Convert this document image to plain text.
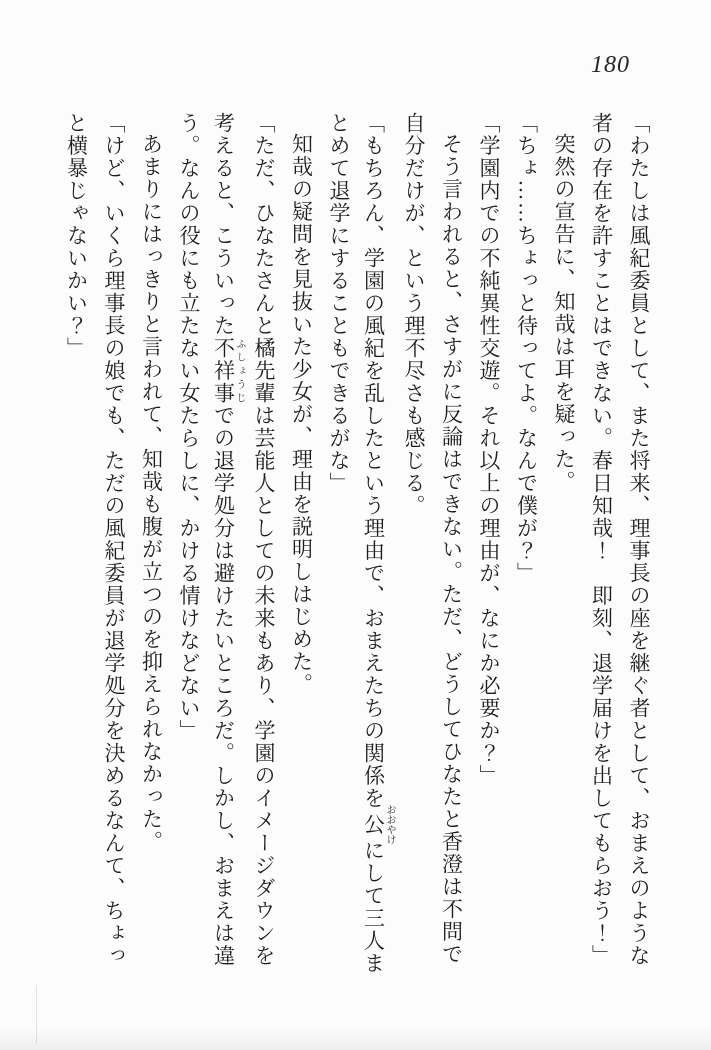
180

「わたしは風紀委員として、また将来、理事長の座を継ぐ者として、おまえのような

者の存在を許すことはできない。春日知哉！　即刻、退学届けを出してもらおう！」

突然の宣告に、知哉は耳を疑った。

「ちょ……ちょっと待ってよ。なんで僕が？」

「学園内での不純異性交遊。それ以上の理由が、なにか必要か？」

そう言われると、さすがに反論はできない。ただ、どうしてひなたと香澄は不問で

自分だけが、という理不尽さも感じる。

「もちろん、学園の風紀を乱したという理由で、おまえたちの関係を公おおやけにして三人ま

とめて退学にすることもできるがな」

知哉の疑問を見抜いた少女が、理由を説明しはじめた。

「ただ、ひなたさんと橘先輩は芸能人としての未来もあり、学園のイメージダウンを

考えると、こういった不祥事ふしょうじでの退学処分は避けたいところだ。しかし、おまえは違

う。なんの役にも立たない女たらしに、かける情けなどない」

あまりにはっきりと言われて、知哉も腹が立つのを抑えられなかった。

「けど、いくら理事長の娘でも、ただの風紀委員が退学処分を決めるなんて、ちょっ

と横暴じゃないかい？」
